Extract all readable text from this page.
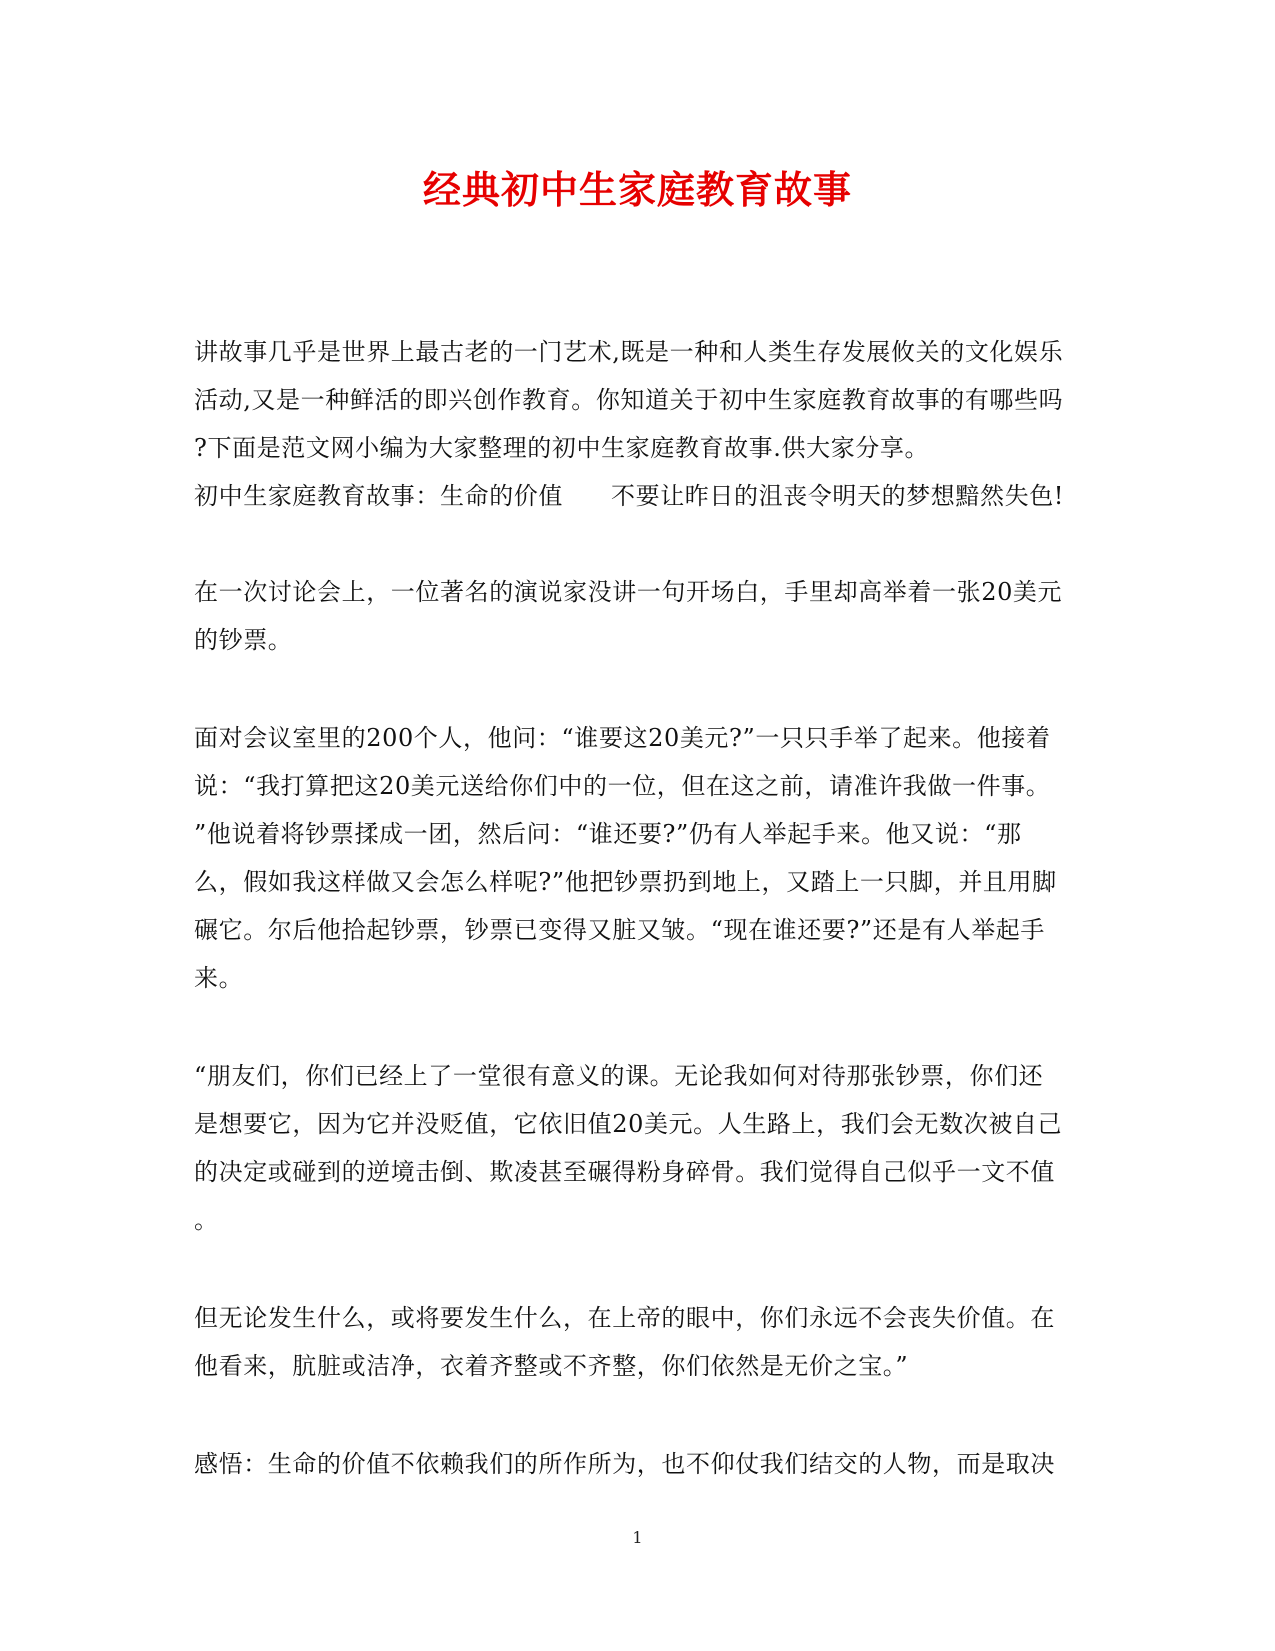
经典初中生家庭教育故事
讲故事几乎是世界上最古老的一门艺术,既是一种和人类生存发展攸关的文化娱乐
活动,又是一种鲜活的即兴创作教育。你知道关于初中生家庭教育故事的有哪些吗
?下面是范文网小编为大家整理的初中生家庭教育故事.供大家分享。
初中生家庭教育故事：生命的价值 不要让昨日的沮丧令明天的梦想黯然失色!
在一次讨论会上，一位著名的演说家没讲一句开场白，手里却高举着一张20美元
的钞票。
面对会议室里的200个人，他问：“谁要这20美元?”一只只手举了起来。他接着
说：“我打算把这20美元送给你们中的一位，但在这之前，请准许我做一件事。
”他说着将钞票揉成一团，然后问：“谁还要?”仍有人举起手来。他又说：“那
么，假如我这样做又会怎么样呢?”他把钞票扔到地上，又踏上一只脚，并且用脚
碾它。尔后他拾起钞票，钞票已变得又脏又皱。“现在谁还要?”还是有人举起手
来。
“朋友们，你们已经上了一堂很有意义的课。无论我如何对待那张钞票，你们还
是想要它，因为它并没贬值，它依旧值20美元。人生路上，我们会无数次被自己
的决定或碰到的逆境击倒、欺凌甚至碾得粉身碎骨。我们觉得自己似乎一文不值
。
但无论发生什么，或将要发生什么，在上帝的眼中，你们永远不会丧失价值。在
他看来，肮脏或洁净，衣着齐整或不齐整，你们依然是无价之宝。”
感悟：生命的价值不依赖我们的所作所为，也不仰仗我们结交的人物，而是取决
1
